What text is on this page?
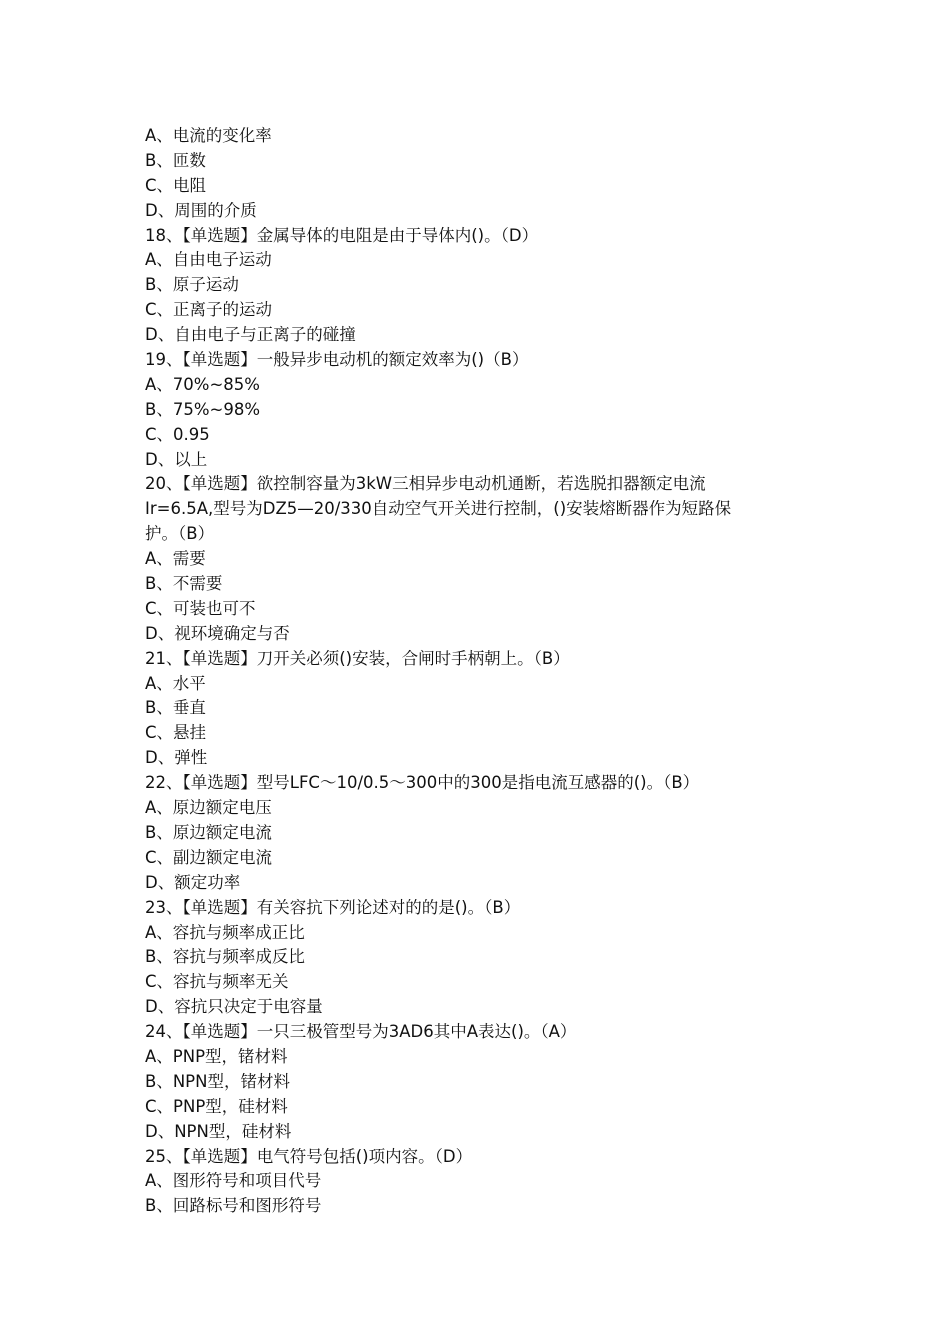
A、电流的变化率
B、匝数
C、电阻
D、周围的介质
18、【单选题】金属导体的电阻是由于导体内()。（D）
A、自由电子运动
B、原子运动
C、正离子的运动
D、自由电子与正离子的碰撞
19、【单选题】一般异步电动机的额定效率为()（B）
A、70%~85%
B、75%~98%
C、0.95
D、以上
20、【单选题】欲控制容量为3kW三相异步电动机通断，若选脱扣器额定电流
Ir=6.5A,型号为DZ5—20/330自动空气开关进行控制，()安装熔断器作为短路保
护。（B）
A、需要
B、不需要
C、可装也可不
D、视环境确定与否
21、【单选题】刀开关必须()安装，合闸时手柄朝上。（B）
A、水平
B、垂直
C、悬挂
D、弹性
22、【单选题】型号LFC～10/0.5～300中的300是指电流互感器的()。（B）
A、原边额定电压
B、原边额定电流
C、副边额定电流
D、额定功率
23、【单选题】有关容抗下列论述对的的是()。（B）
A、容抗与频率成正比
B、容抗与频率成反比
C、容抗与频率无关
D、容抗只决定于电容量
24、【单选题】一只三极管型号为3AD6其中A表达()。（A）
A、PNP型，锗材料
B、NPN型，锗材料
C、PNP型，硅材料
D、NPN型，硅材料
25、【单选题】电气符号包括()项内容。（D）
A、图形符号和项目代号
B、回路标号和图形符号
